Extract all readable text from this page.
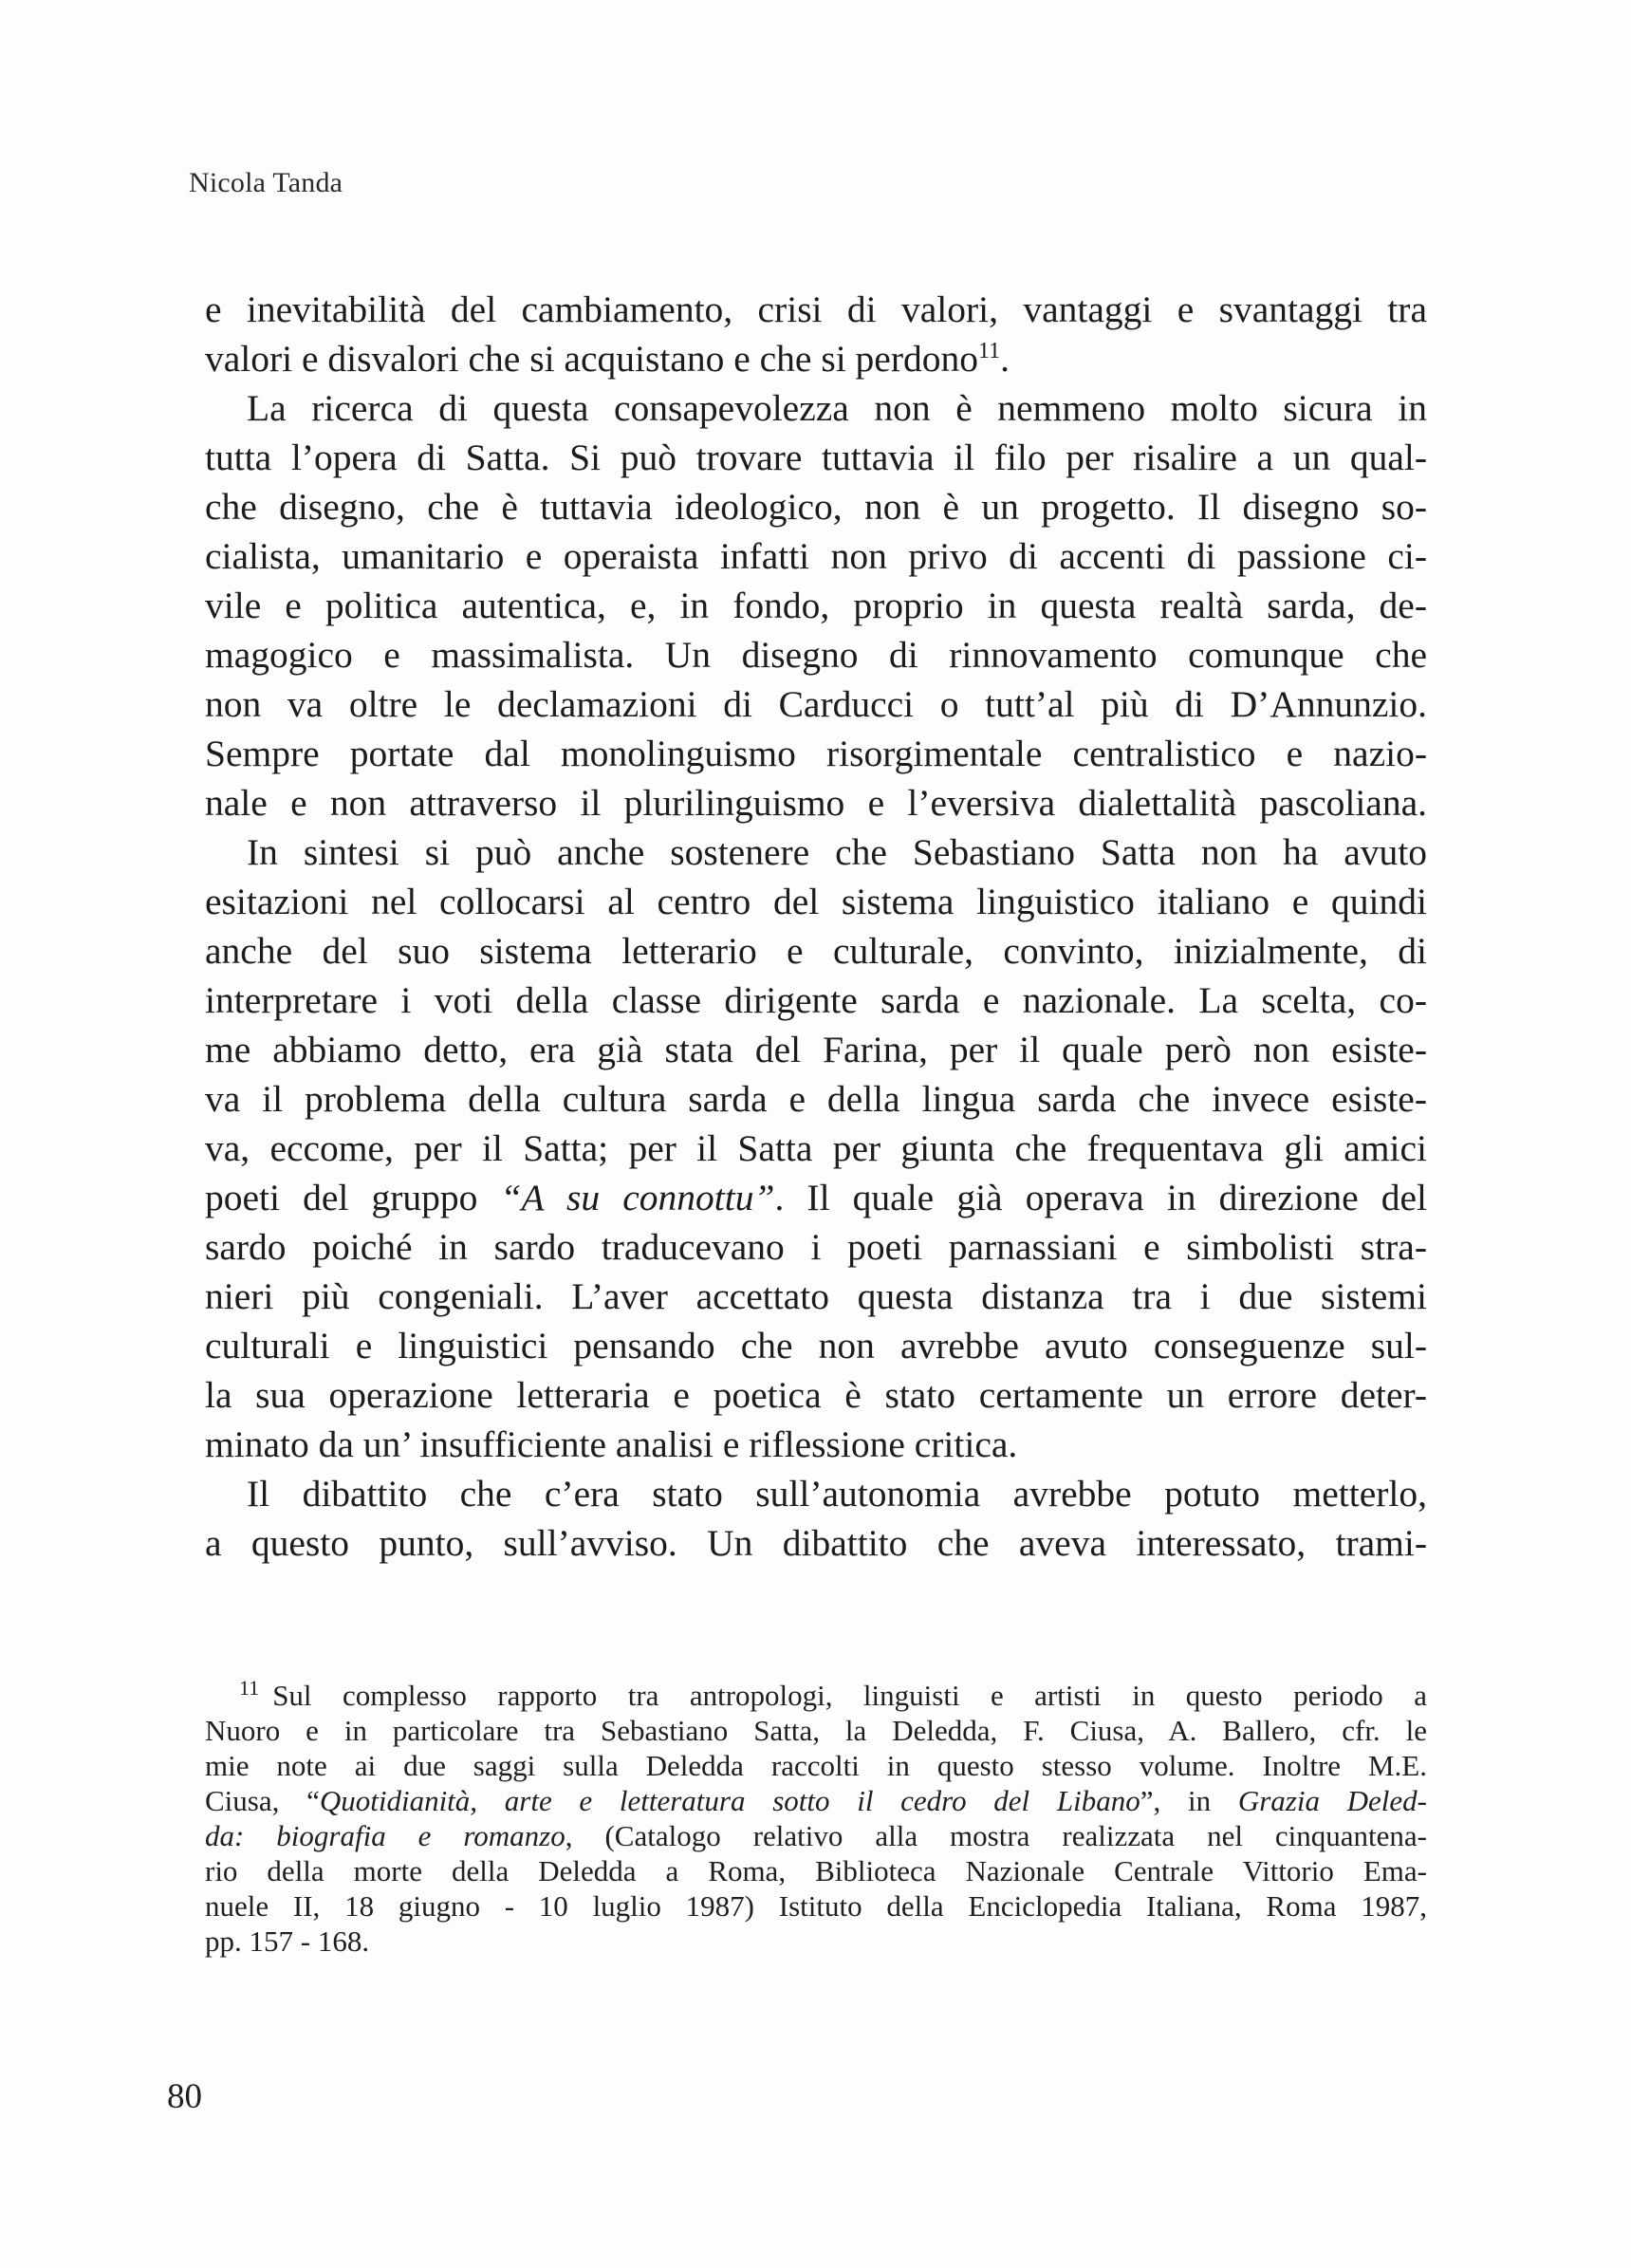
Nicola Tanda
e inevitabilità del cambiamento, crisi di valori, vantaggi e svantaggi tra
valori e disvalori che si acquistano e che si perdono$^{11}$.
La ricerca di questa consapevolezza non è nemmeno molto sicura in
tutta l’opera di Satta. Si può trovare tuttavia il filo per risalire a un qual-
che disegno, che è tuttavia ideologico, non è un progetto. Il disegno so-
cialista, umanitario e operaista infatti non privo di accenti di passione ci-
vile e politica autentica, e, in fondo, proprio in questa realtà sarda, de-
magogico e massimalista. Un disegno di rinnovamento comunque che
non va oltre le declamazioni di Carducci o tutt’al più di D’Annunzio.
Sempre portate dal monolinguismo risorgimentale centralistico e nazio-
nale e non attraverso il plurilinguismo e l’eversiva dialettalità pascoliana.
In sintesi si può anche sostenere che Sebastiano Satta non ha avuto
esitazioni nel collocarsi al centro del sistema linguistico italiano e quindi
anche del suo sistema letterario e culturale, convinto, inizialmente, di
interpretare i voti della classe dirigente sarda e nazionale. La scelta, co-
me abbiamo detto, era già stata del Farina, per il quale però non esiste-
va il problema della cultura sarda e della lingua sarda che invece esiste-
va, eccome, per il Satta; per il Satta per giunta che frequentava gli amici
poeti del gruppo “A su connottu”. Il quale già operava in direzione del
sardo poiché in sardo traducevano i poeti parnassiani e simbolisti stra-
nieri più congeniali. L’aver accettato questa distanza tra i due sistemi
culturali e linguistici pensando che non avrebbe avuto conseguenze sul-
la sua operazione letteraria e poetica è stato certamente un errore deter-
minato da un’ insufficiente analisi e riflessione critica.
Il dibattito che c’era stato sull’autonomia avrebbe potuto metterlo,
a questo punto, sull’avviso. Un dibattito che aveva interessato, trami-
$^{11}$ Sul complesso rapporto tra antropologi, linguisti e artisti in questo periodo a
Nuoro e in particolare tra Sebastiano Satta, la Deledda, F. Ciusa, A. Ballero, cfr. le
mie note ai due saggi sulla Deledda raccolti in questo stesso volume. Inoltre M.E.
Ciusa, “Quotidianità, arte e letteratura sotto il cedro del Libano”, in Grazia Deled-
da: biografia e romanzo, (Catalogo relativo alla mostra realizzata nel cinquantena-
rio della morte della Deledda a Roma, Biblioteca Nazionale Centrale Vittorio Ema-
nuele II, 18 giugno - 10 luglio 1987) Istituto della Enciclopedia Italiana, Roma 1987,
pp. 157 - 168.
80
